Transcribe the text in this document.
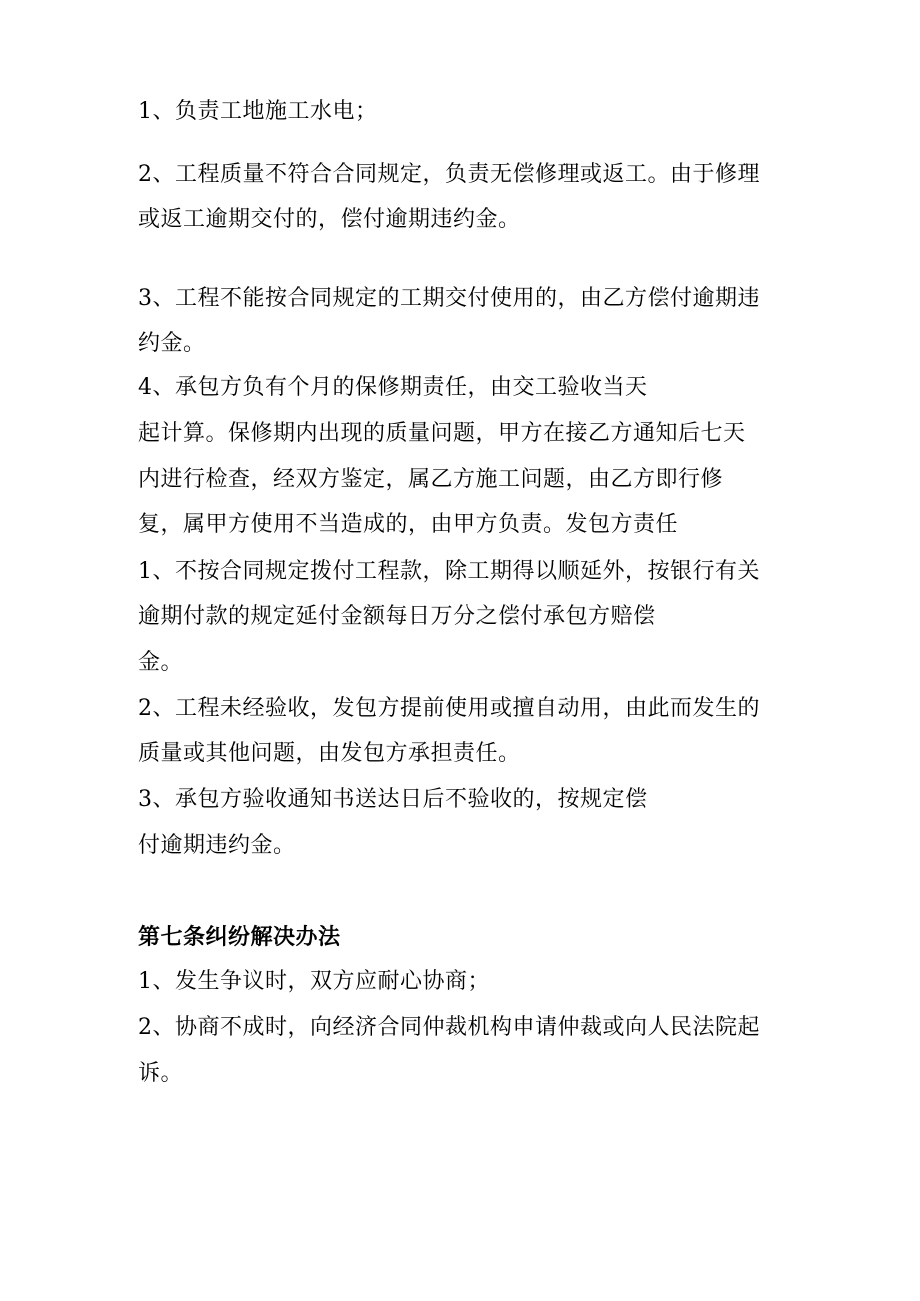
1、负责工地施工水电；
2、工程质量不符合合同规定，负责无偿修理或返工。由于修理
或返工逾期交付的，偿付逾期违约金。
3、工程不能按合同规定的工期交付使用的，由乙方偿付逾期违
约金。
4、承包方负有个月的保修期责任，由交工验收当天
起计算。保修期内出现的质量问题，甲方在接乙方通知后七天
内进行检查，经双方鉴定，属乙方施工问题，由乙方即行修
复，属甲方使用不当造成的，由甲方负责。发包方责任
1、不按合同规定拨付工程款，除工期得以顺延外，按银行有关
逾期付款的规定延付金额每日万分之偿付承包方赔偿
金。
2、工程未经验收，发包方提前使用或擅自动用，由此而发生的
质量或其他问题，由发包方承担责任。
3、承包方验收通知书送达日后不验收的，按规定偿
付逾期违约金。
第七条纠纷解决办法
1、发生争议时，双方应耐心协商；
2、协商不成时，向经济合同仲裁机构申请仲裁或向人民法院起
诉。
